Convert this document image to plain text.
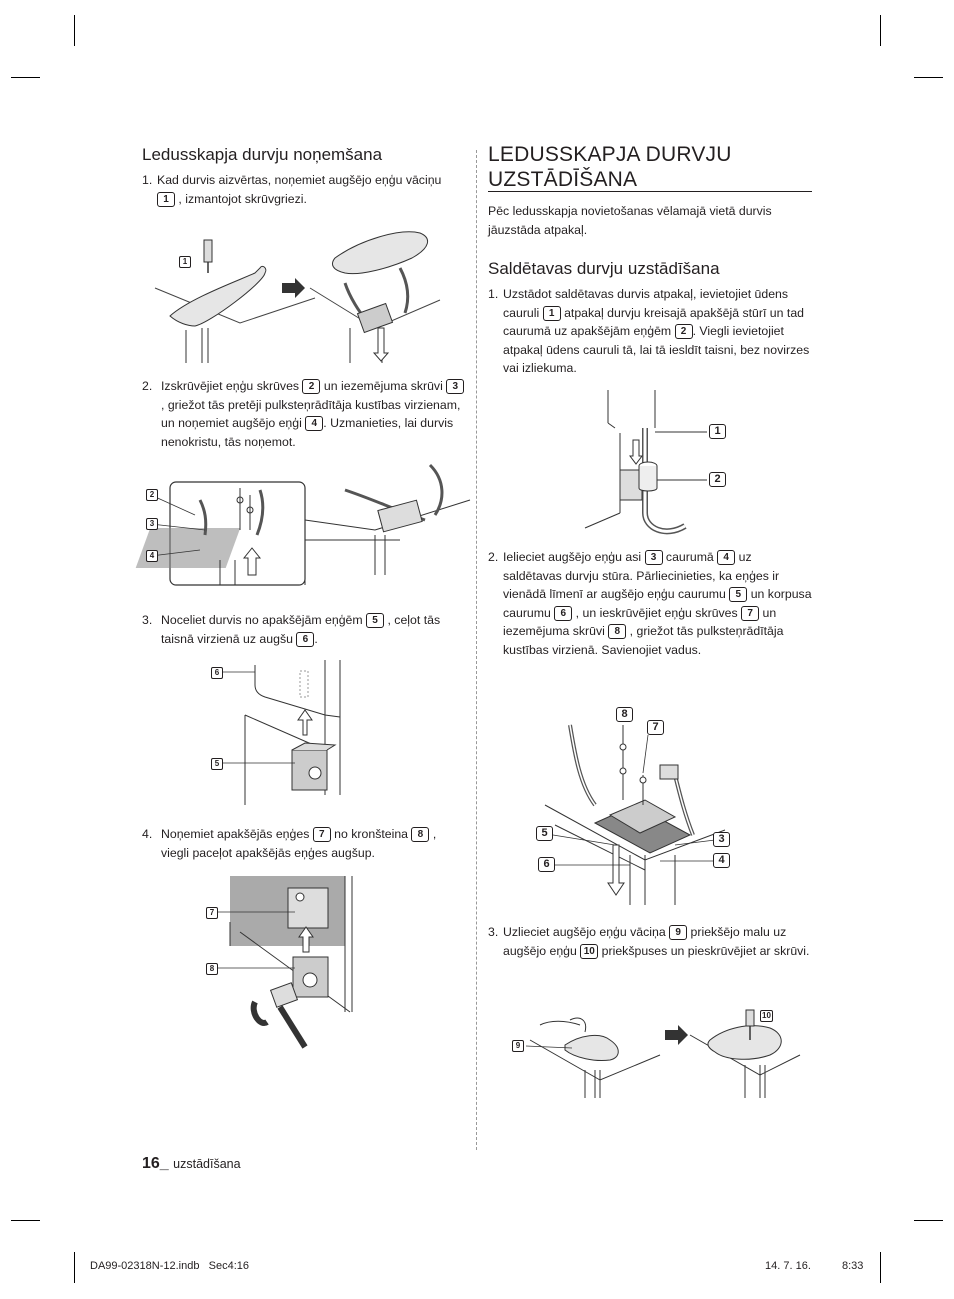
Ledusskapja durvju noņemšana
1. Kad durvis aizvērtas, noņemiet augšējo eņģu vāciņu 1 , izmantojot skrūvgriezi.
1
2. Izskrūvējiet eņģu skrūves 2 un iezemējuma skrūvi 3 , griežot tās pretēji pulksteņrādītāja kustības virzienam, un noņemiet augšējo eņģi 4 . Uzmanieties, lai durvis nenokristu, tās noņemot.
2
3
4
3. Noceliet durvis no apakšējām eņģēm 5 , ceļot tās taisnā virzienā uz augšu 6 .
6
5
4. Noņemiet apakšējās eņģes 7 no kronšteina 8 , viegli paceļot apakšējās eņģes augšup.
7
8
LEDUSSKAPJA DURVJU
UZSTĀDĪŠANA
Pēc ledusskapja novietošanas vēlamajā vietā durvis jāuzstāda atpakaļ.
Saldētavas durvju uzstādīšana
1. Uzstādot saldētavas durvis atpakaļ, ievietojiet ūdens cauruli 1 atpakaļ durvju kreisajā apakšējā stūrī un tad caurumā uz apakšējām eņģēm 2 . Viegli ievietojiet atpakaļ ūdens cauruli tā, lai tā iesldīt taisni, bez novirzes vai izliekuma.
1
2
2. Ielieciet augšējo eņģu asi 3 caurumā 4 uz saldētavas durvju stūra. Pārliecinieties, ka eņģes ir vienādā līmenī ar augšējo eņģu caurumu 5 un korpusa caurumu 6 , un ieskrūvējiet eņģu skrūves 7 un iezemējuma skrūvi 8 , griežot tās pulksteņrādītāja kustības virzienā. Savienojiet vadus.
8
7
5	3
6	4
3. Uzlieciet augšējo eņģu vāciņa 9 priekšējo malu uz augšējo eņģu 10 priekšpuses un pieskrūvējiet ar skrūvi.
9
10
16_ uzstādīšana
DA99-02318N-12.indb   Sec4:16	14. 7. 16.	8:33
